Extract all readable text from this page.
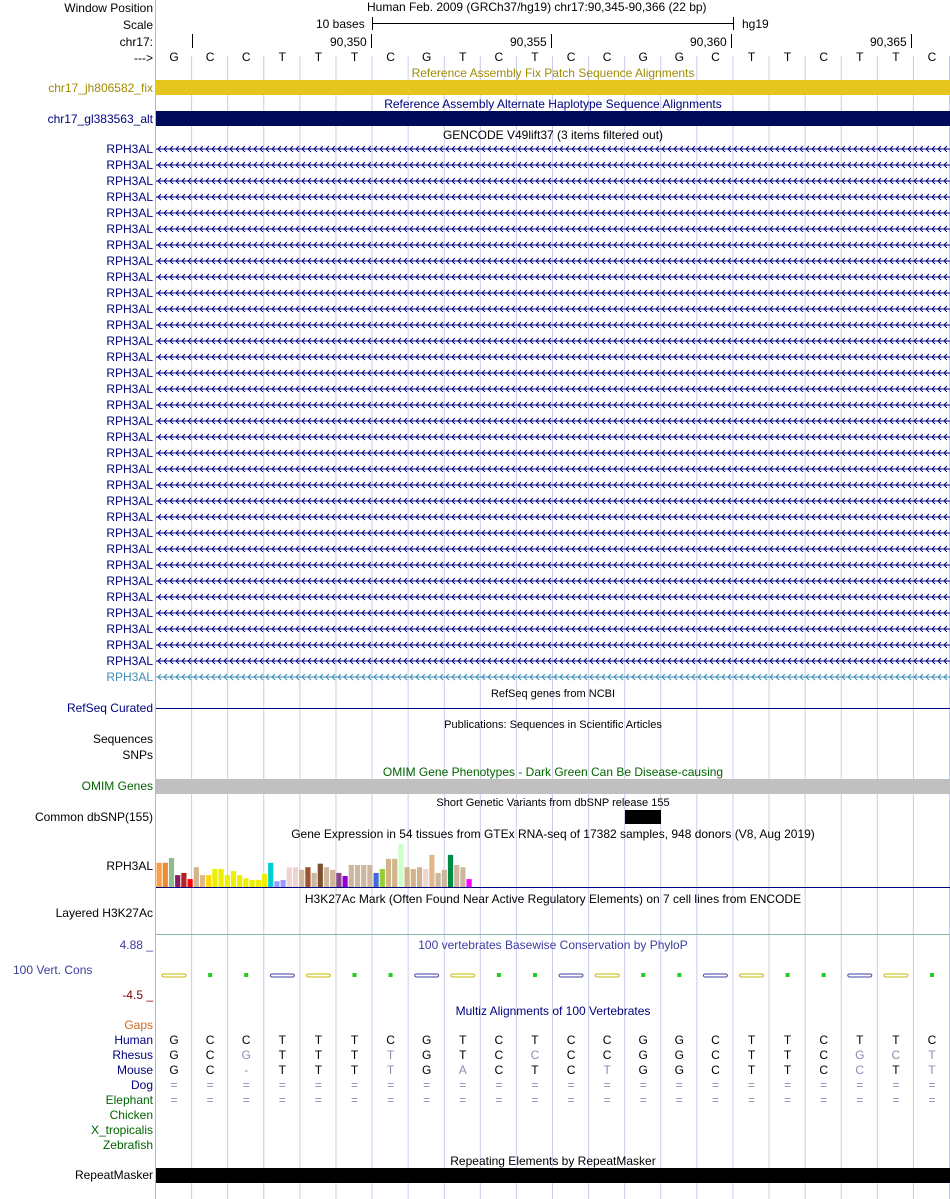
Window Position
Scale
chr17:
--->
Human Feb. 2009 (GRCh37/hg19) chr17:90,345-90,366 (22 bp)
10 bases	hg19
90,350	90,355	90,360	90,365
G C C T T T C G T C T C C G G C T T C T T C
Reference Assembly Fix Patch Sequence Alignments
chr17_jh806582_fix
Reference Assembly Alternate Haplotype Sequence Alignments
chr17_gl383563_alt
GENCODE V49lift37 (3 items filtered out)
RPH3AL
RPH3AL
RPH3AL
RPH3AL
RPH3AL
RPH3AL
RPH3AL
RPH3AL
RPH3AL
RPH3AL
RPH3AL
RPH3AL
RPH3AL
RPH3AL
RPH3AL
RPH3AL
RPH3AL
RPH3AL
RPH3AL
RPH3AL
RPH3AL
RPH3AL
RPH3AL
RPH3AL
RPH3AL
RPH3AL
RPH3AL
RPH3AL
RPH3AL
RPH3AL
RPH3AL
RPH3AL
RPH3AL
RPH3AL
RefSeq genes from NCBI
RefSeq Curated
Publications: Sequences in Scientific Articles
Sequences
SNPs
OMIM Gene Phenotypes - Dark Green Can Be Disease-causing
OMIM Genes
Short Genetic Variants from dbSNP release 155
Common dbSNP(155)
Gene Expression in 54 tissues from GTEx RNA-seq of 17382 samples, 948 donors (V8, Aug 2019)
RPH3AL
H3K27Ac Mark (Often Found Near Active Regulatory Elements) on 7 cell lines from ENCODE
Layered H3K27Ac
100 vertebrates Basewise Conservation by PhyloP
4.88 _
100 Vert. Cons
-4.5 _
Multiz Alignments of 100 Vertebrates
Gaps
Human G C C T T T C G T C T C C G G C T T C T T C
Rhesus G C G T T T T G T C C C C G G C T T C G C T
Mouse G C -	T T T T G A C T C T G G C T T C C T T
Dog = = = = = = = = = = = = = = = = = = = = = =
Elephant = = = = = = = = = = = = = = = = = = = = = =
Chicken
X_tropicalis
Zebrafish
Repeating Elements by RepeatMasker
RepeatMasker
